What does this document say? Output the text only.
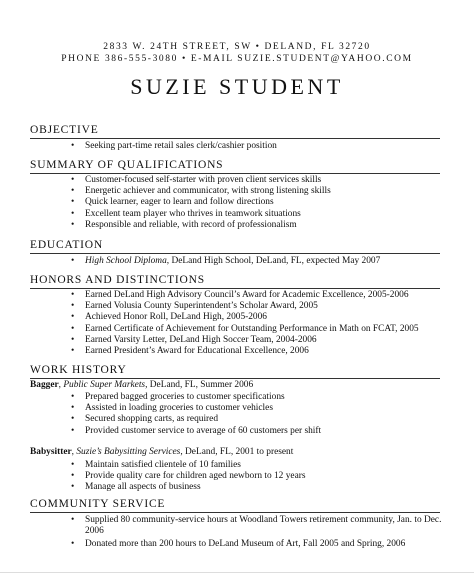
2833 W. 24TH STREET, SW • DELAND, FL 32720
PHONE 386-555-3080 • E-MAIL SUZIE.STUDENT@YAHOO.COM
SUZIE STUDENT
OBJECTIVE
• Seeking part-time retail sales clerk/cashier position
SUMMARY OF QUALIFICATIONS
• Customer-focused self-starter with proven client services skills
• Energetic achiever and communicator, with strong listening skills
• Quick learner, eager to learn and follow directions
• Excellent team player who thrives in teamwork situations
• Responsible and reliable, with record of professionalism
EDUCATION
• High School Diploma, DeLand High School, DeLand, FL, expected May 2007
HONORS AND DISTINCTIONS
• Earned DeLand High Advisory Council’s Award for Academic Excellence, 2005-2006
• Earned Volusia County Superintendent’s Scholar Award, 2005
• Achieved Honor Roll, DeLand High, 2005-2006
• Earned Certificate of Achievement for Outstanding Performance in Math on FCAT, 2005
• Earned Varsity Letter, DeLand High Soccer Team, 2004-2006
• Earned President’s Award for Educational Excellence, 2006
WORK HISTORY
Bagger, Public Super Markets, DeLand, FL, Summer 2006
• Prepared bagged groceries to customer specifications
• Assisted in loading groceries to customer vehicles
• Secured shopping carts, as required
• Provided customer service to average of 60 customers per shift
Babysitter, Suzie’s Babysitting Services, DeLand, FL, 2001 to present
• Maintain satisfied clientele of 10 families
• Provide quality care for children aged newborn to 12 years
• Manage all aspects of business
COMMUNITY SERVICE
• Supplied 80 community-service hours at Woodland Towers retirement community, Jan. to Dec. 2006
• Donated more than 200 hours to DeLand Museum of Art, Fall 2005 and Spring, 2006
